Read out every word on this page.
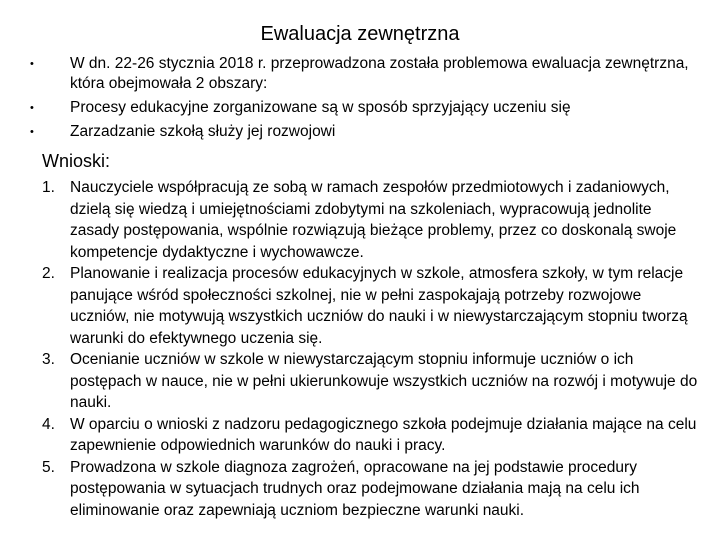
Ewaluacja zewnętrzna
•	W dn. 22-26 stycznia 2018 r. przeprowadzona została problemowa ewaluacja zewnętrzna, która obejmowała 2 obszary:
•	Procesy edukacyjne zorganizowane są w sposób sprzyjający uczeniu się
•	Zarzadzanie szkołą służy jej rozwojowi
Wnioski:
1. Nauczyciele współpracują ze sobą w ramach zespołów przedmiotowych i zadaniowych, dzielą się wiedzą i umiejętnościami zdobytymi na szkoleniach, wypracowują jednolite zasady postępowania, wspólnie rozwiązują bieżące problemy, przez co doskonalą swoje kompetencje dydaktyczne i wychowawcze.
2. Planowanie i realizacja procesów edukacyjnych w szkole, atmosfera szkoły, w tym relacje panujące wśród społeczności szkolnej, nie w pełni zaspokajają potrzeby rozwojowe uczniów, nie motywują wszystkich uczniów do nauki i w niewystarczającym stopniu tworzą warunki do efektywnego uczenia się.
3. Ocenianie uczniów w szkole w niewystarczającym stopniu informuje uczniów o ich postępach w nauce, nie w pełni ukierunkowuje wszystkich uczniów na rozwój i motywuje do nauki.
4. W oparciu o wnioski z nadzoru pedagogicznego szkoła podejmuje działania mające na celu zapewnienie odpowiednich warunków do nauki i pracy.
5. Prowadzona w szkole diagnoza zagrożeń, opracowane na jej podstawie procedury postępowania w sytuacjach trudnych oraz podejmowane działania mają na celu ich eliminowanie oraz zapewniają uczniom bezpieczne warunki nauki.
